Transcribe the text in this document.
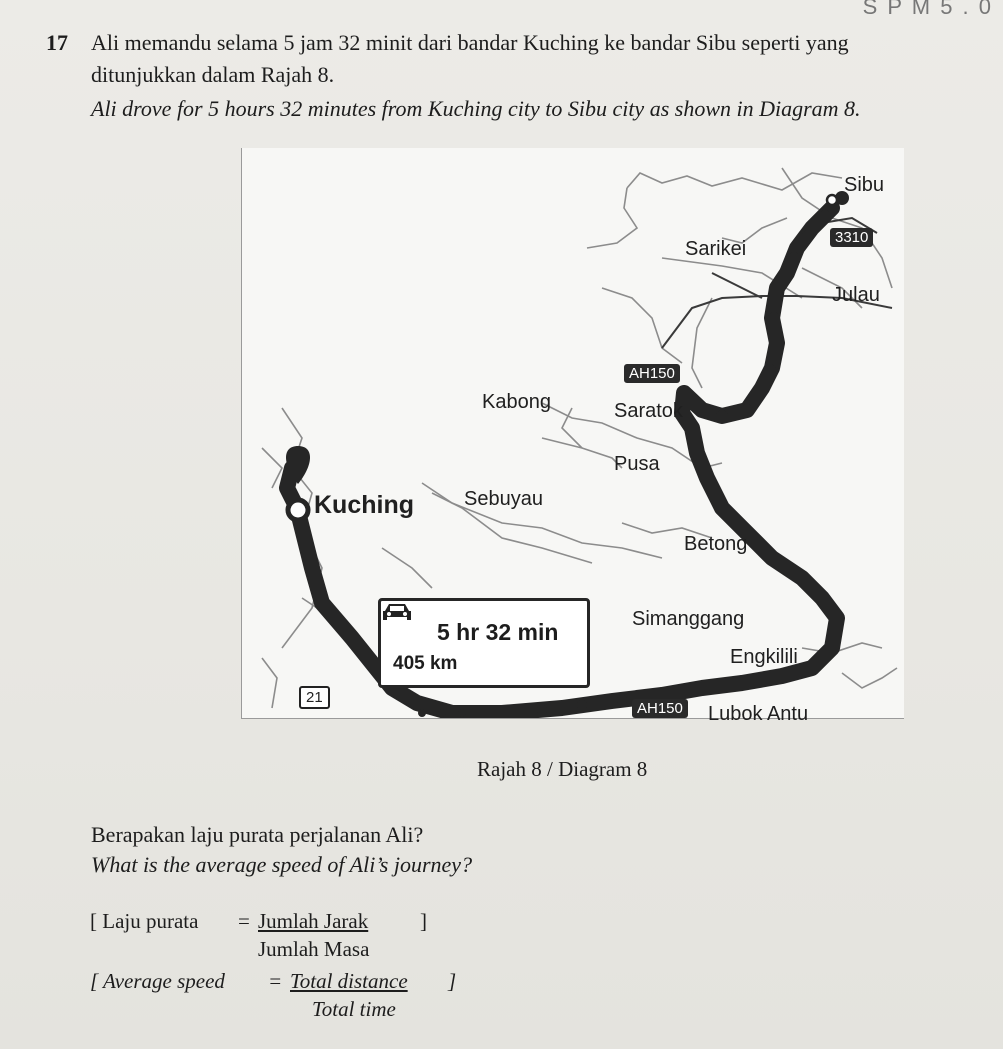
S P M 5 . 0
17 Ali memandu selama 5 jam 32 minit dari bandar Kuching ke bandar Sibu seperti yang
ditunjukkan dalam Rajah 8.
Ali drove for 5 hours 32 minutes from Kuching city to Sibu city as shown in Diagram 8.
Sibu
Sarikei
Julau
Kabong	Saratok
Pusa
Kuching	Sebuyau
Betong
Simanggang
Engkilili
Lubok Antu
AH150
AH150
3310
21
5 hr 32 min
405 km
Rajah 8 / Diagram 8
Berapakan laju purata perjalanan Ali?
What is the average speed of Ali’s journey?
[ Laju purata = Jumlah Jarak ]
Jumlah Masa
[ Average speed = Total distance ]
Total time
